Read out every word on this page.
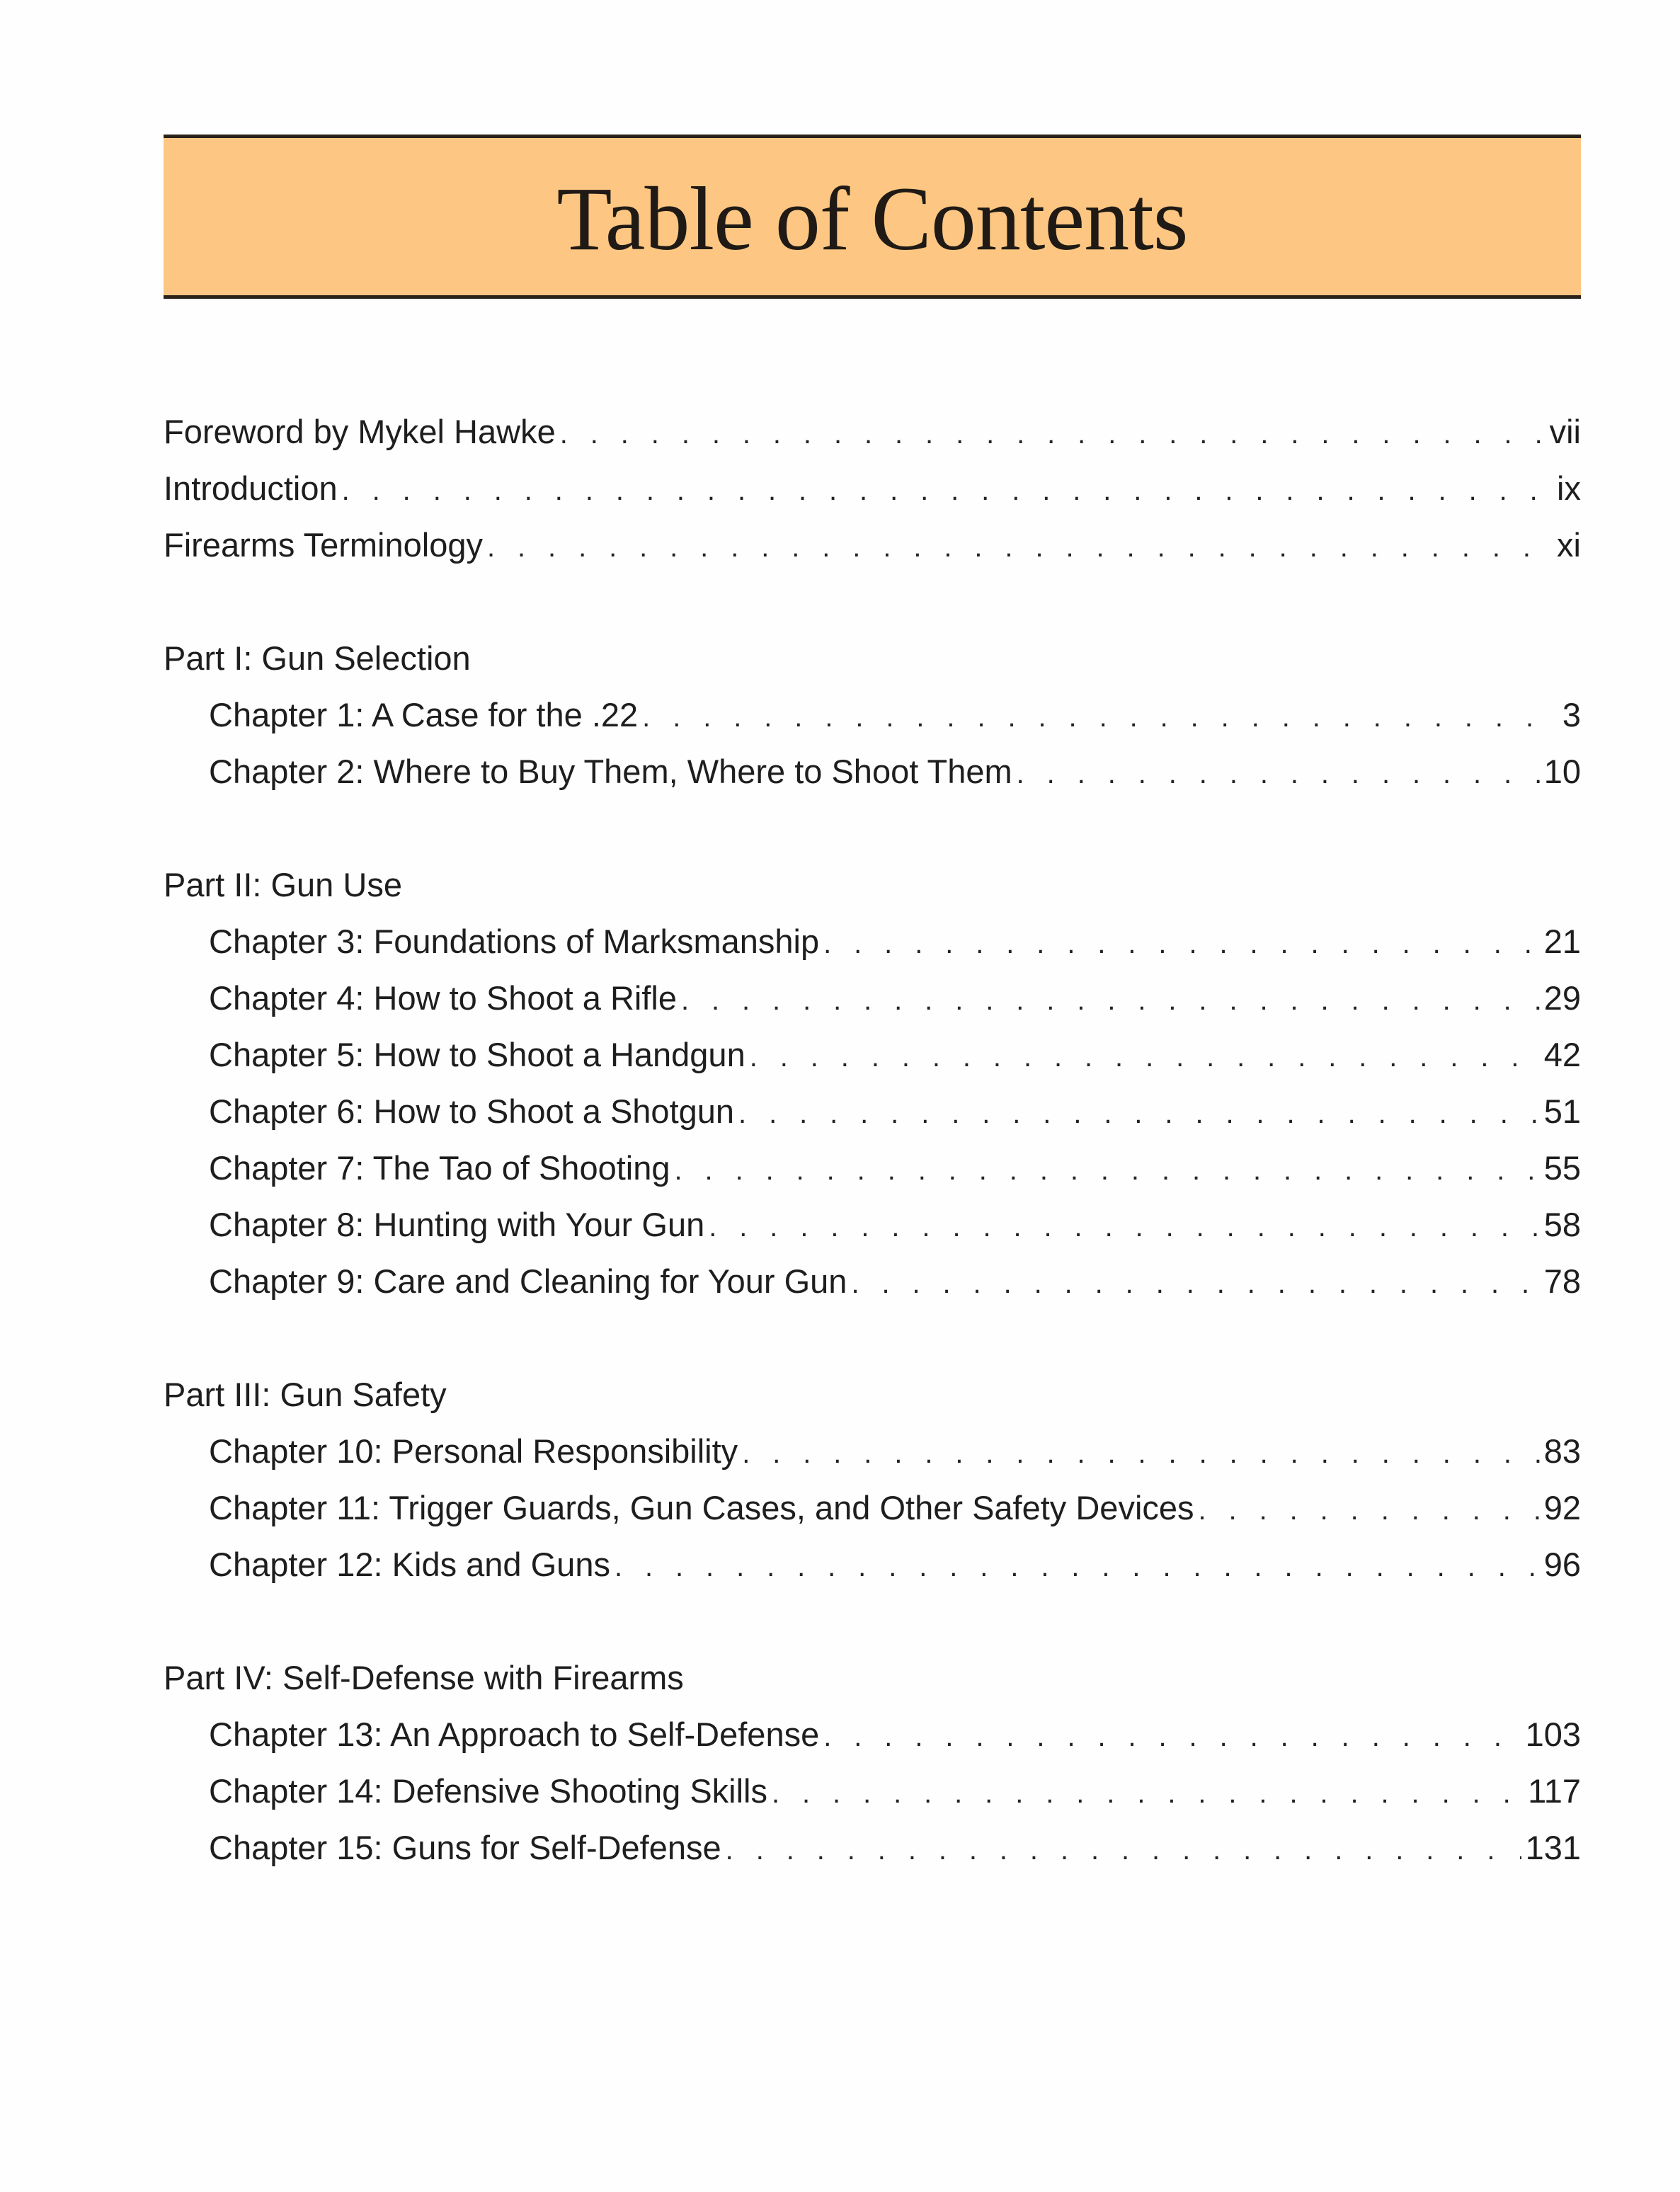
Table of Contents
Foreword by Mykel Hawke . . .	vii
Introduction . . .	ix
Firearms Terminology . . .	xi
Part I: Gun Selection
Chapter 1: A Case for the .22 . . .	3
Chapter 2: Where to Buy Them, Where to Shoot Them . . .	10
Part II: Gun Use
Chapter 3: Foundations of Marksmanship . . .	21
Chapter 4: How to Shoot a Rifle . . .	29
Chapter 5: How to Shoot a Handgun . . .	42
Chapter 6: How to Shoot a Shotgun . . .	51
Chapter 7: The Tao of Shooting . . .	55
Chapter 8: Hunting with Your Gun . . .	58
Chapter 9: Care and Cleaning for Your Gun . . .	78
Part III: Gun Safety
Chapter 10: Personal Responsibility . . .	83
Chapter 11: Trigger Guards, Gun Cases, and Other Safety Devices . . .	92
Chapter 12: Kids and Guns . . .	96
Part IV: Self-Defense with Firearms
Chapter 13: An Approach to Self-Defense . . .	103
Chapter 14: Defensive Shooting Skills . . .	117
Chapter 15: Guns for Self-Defense . . .	131
